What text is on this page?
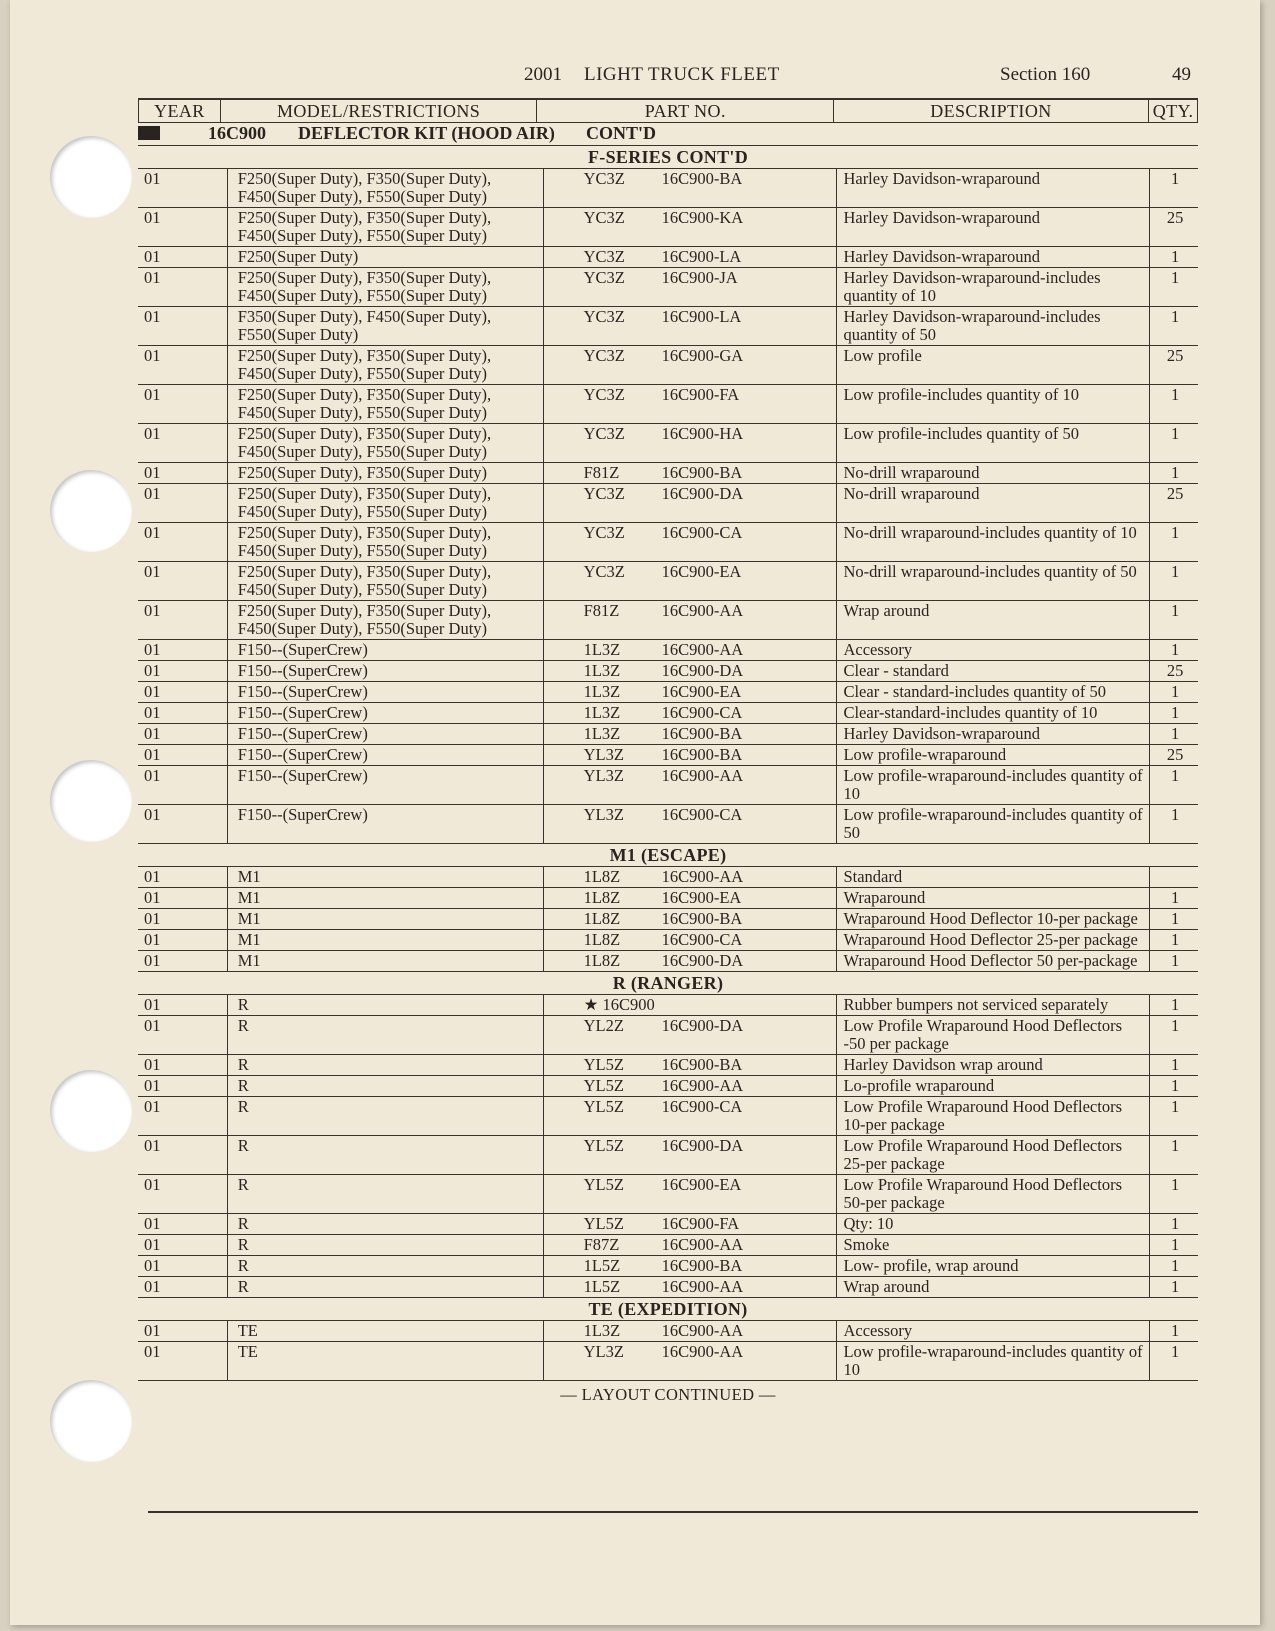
2001 LIGHT TRUCK FLEET	Section 160	49
YEAR	MODEL/RESTRICTIONS	PART NO.	DESCRIPTION	QTY.
16C900 DEFLECTOR KIT (HOOD AIR) CONT'D
F-SERIES CONT'D
01	F250(Super Duty), F350(Super Duty), F450(Super Duty), F550(Super Duty)	YC3Z 16C900-BA	Harley Davidson-wraparound	1
01	F250(Super Duty), F350(Super Duty), F450(Super Duty), F550(Super Duty)	YC3Z 16C900-KA	Harley Davidson-wraparound	25
01	F250(Super Duty)	YC3Z 16C900-LA	Harley Davidson-wraparound	1
01	F250(Super Duty), F350(Super Duty), F450(Super Duty), F550(Super Duty)	YC3Z 16C900-JA	Harley Davidson-wraparound-includes quantity of 10	1
01	F350(Super Duty), F450(Super Duty), F550(Super Duty)	YC3Z 16C900-LA	Harley Davidson-wraparound-includes quantity of 50	1
01	F250(Super Duty), F350(Super Duty), F450(Super Duty), F550(Super Duty)	YC3Z 16C900-GA	Low profile	25
01	F250(Super Duty), F350(Super Duty), F450(Super Duty), F550(Super Duty)	YC3Z 16C900-FA	Low profile-includes quantity of 10	1
01	F250(Super Duty), F350(Super Duty), F450(Super Duty), F550(Super Duty)	YC3Z 16C900-HA	Low profile-includes quantity of 50	1
01	F250(Super Duty), F350(Super Duty)	F81Z 16C900-BA	No-drill wraparound	1
01	F250(Super Duty), F350(Super Duty), F450(Super Duty), F550(Super Duty)	YC3Z 16C900-DA	No-drill wraparound	25
01	F250(Super Duty), F350(Super Duty), F450(Super Duty), F550(Super Duty)	YC3Z 16C900-CA	No-drill wraparound-includes quantity of 10	1
01	F250(Super Duty), F350(Super Duty), F450(Super Duty), F550(Super Duty)	YC3Z 16C900-EA	No-drill wraparound-includes quantity of 50	1
01	F250(Super Duty), F350(Super Duty), F450(Super Duty), F550(Super Duty)	F81Z 16C900-AA	Wrap around	1
01	F150--(SuperCrew)	1L3Z 16C900-AA	Accessory	1
01	F150--(SuperCrew)	1L3Z 16C900-DA	Clear - standard	25
01	F150--(SuperCrew)	1L3Z 16C900-EA	Clear - standard-includes quantity of 50	1
01	F150--(SuperCrew)	1L3Z 16C900-CA	Clear-standard-includes quantity of 10	1
01	F150--(SuperCrew)	1L3Z 16C900-BA	Harley Davidson-wraparound	1
01	F150--(SuperCrew)	YL3Z 16C900-BA	Low profile-wraparound	25
01	F150--(SuperCrew)	YL3Z 16C900-AA	Low profile-wraparound-includes quantity of 10	1
01	F150--(SuperCrew)	YL3Z 16C900-CA	Low profile-wraparound-includes quantity of 50	1
M1 (ESCAPE)
01	M1	1L8Z 16C900-AA	Standard	
01	M1	1L8Z 16C900-EA	Wraparound	1
01	M1	1L8Z 16C900-BA	Wraparound Hood Deflector 10-per package	1
01	M1	1L8Z 16C900-CA	Wraparound Hood Deflector 25-per package	1
01	M1	1L8Z 16C900-DA	Wraparound Hood Deflector 50 per-package	1
R (RANGER)
01	R	★ 16C900	Rubber bumpers not serviced separately	1
01	R	YL2Z 16C900-DA	Low Profile Wraparound Hood Deflectors -50 per package	1
01	R	YL5Z 16C900-BA	Harley Davidson wrap around	1
01	R	YL5Z 16C900-AA	Lo-profile wraparound	1
01	R	YL5Z 16C900-CA	Low Profile Wraparound Hood Deflectors 10-per package	1
01	R	YL5Z 16C900-DA	Low Profile Wraparound Hood Deflectors 25-per package	1
01	R	YL5Z 16C900-EA	Low Profile Wraparound Hood Deflectors 50-per package	1
01	R	YL5Z 16C900-FA	Qty: 10	1
01	R	F87Z 16C900-AA	Smoke	1
01	R	1L5Z 16C900-BA	Low- profile, wrap around	1
01	R	1L5Z 16C900-AA	Wrap around	1
TE (EXPEDITION)
01	TE	1L3Z 16C900-AA	Accessory	1
01	TE	YL3Z 16C900-AA	Low profile-wraparound-includes quantity of 10	1
— LAYOUT CONTINUED —
